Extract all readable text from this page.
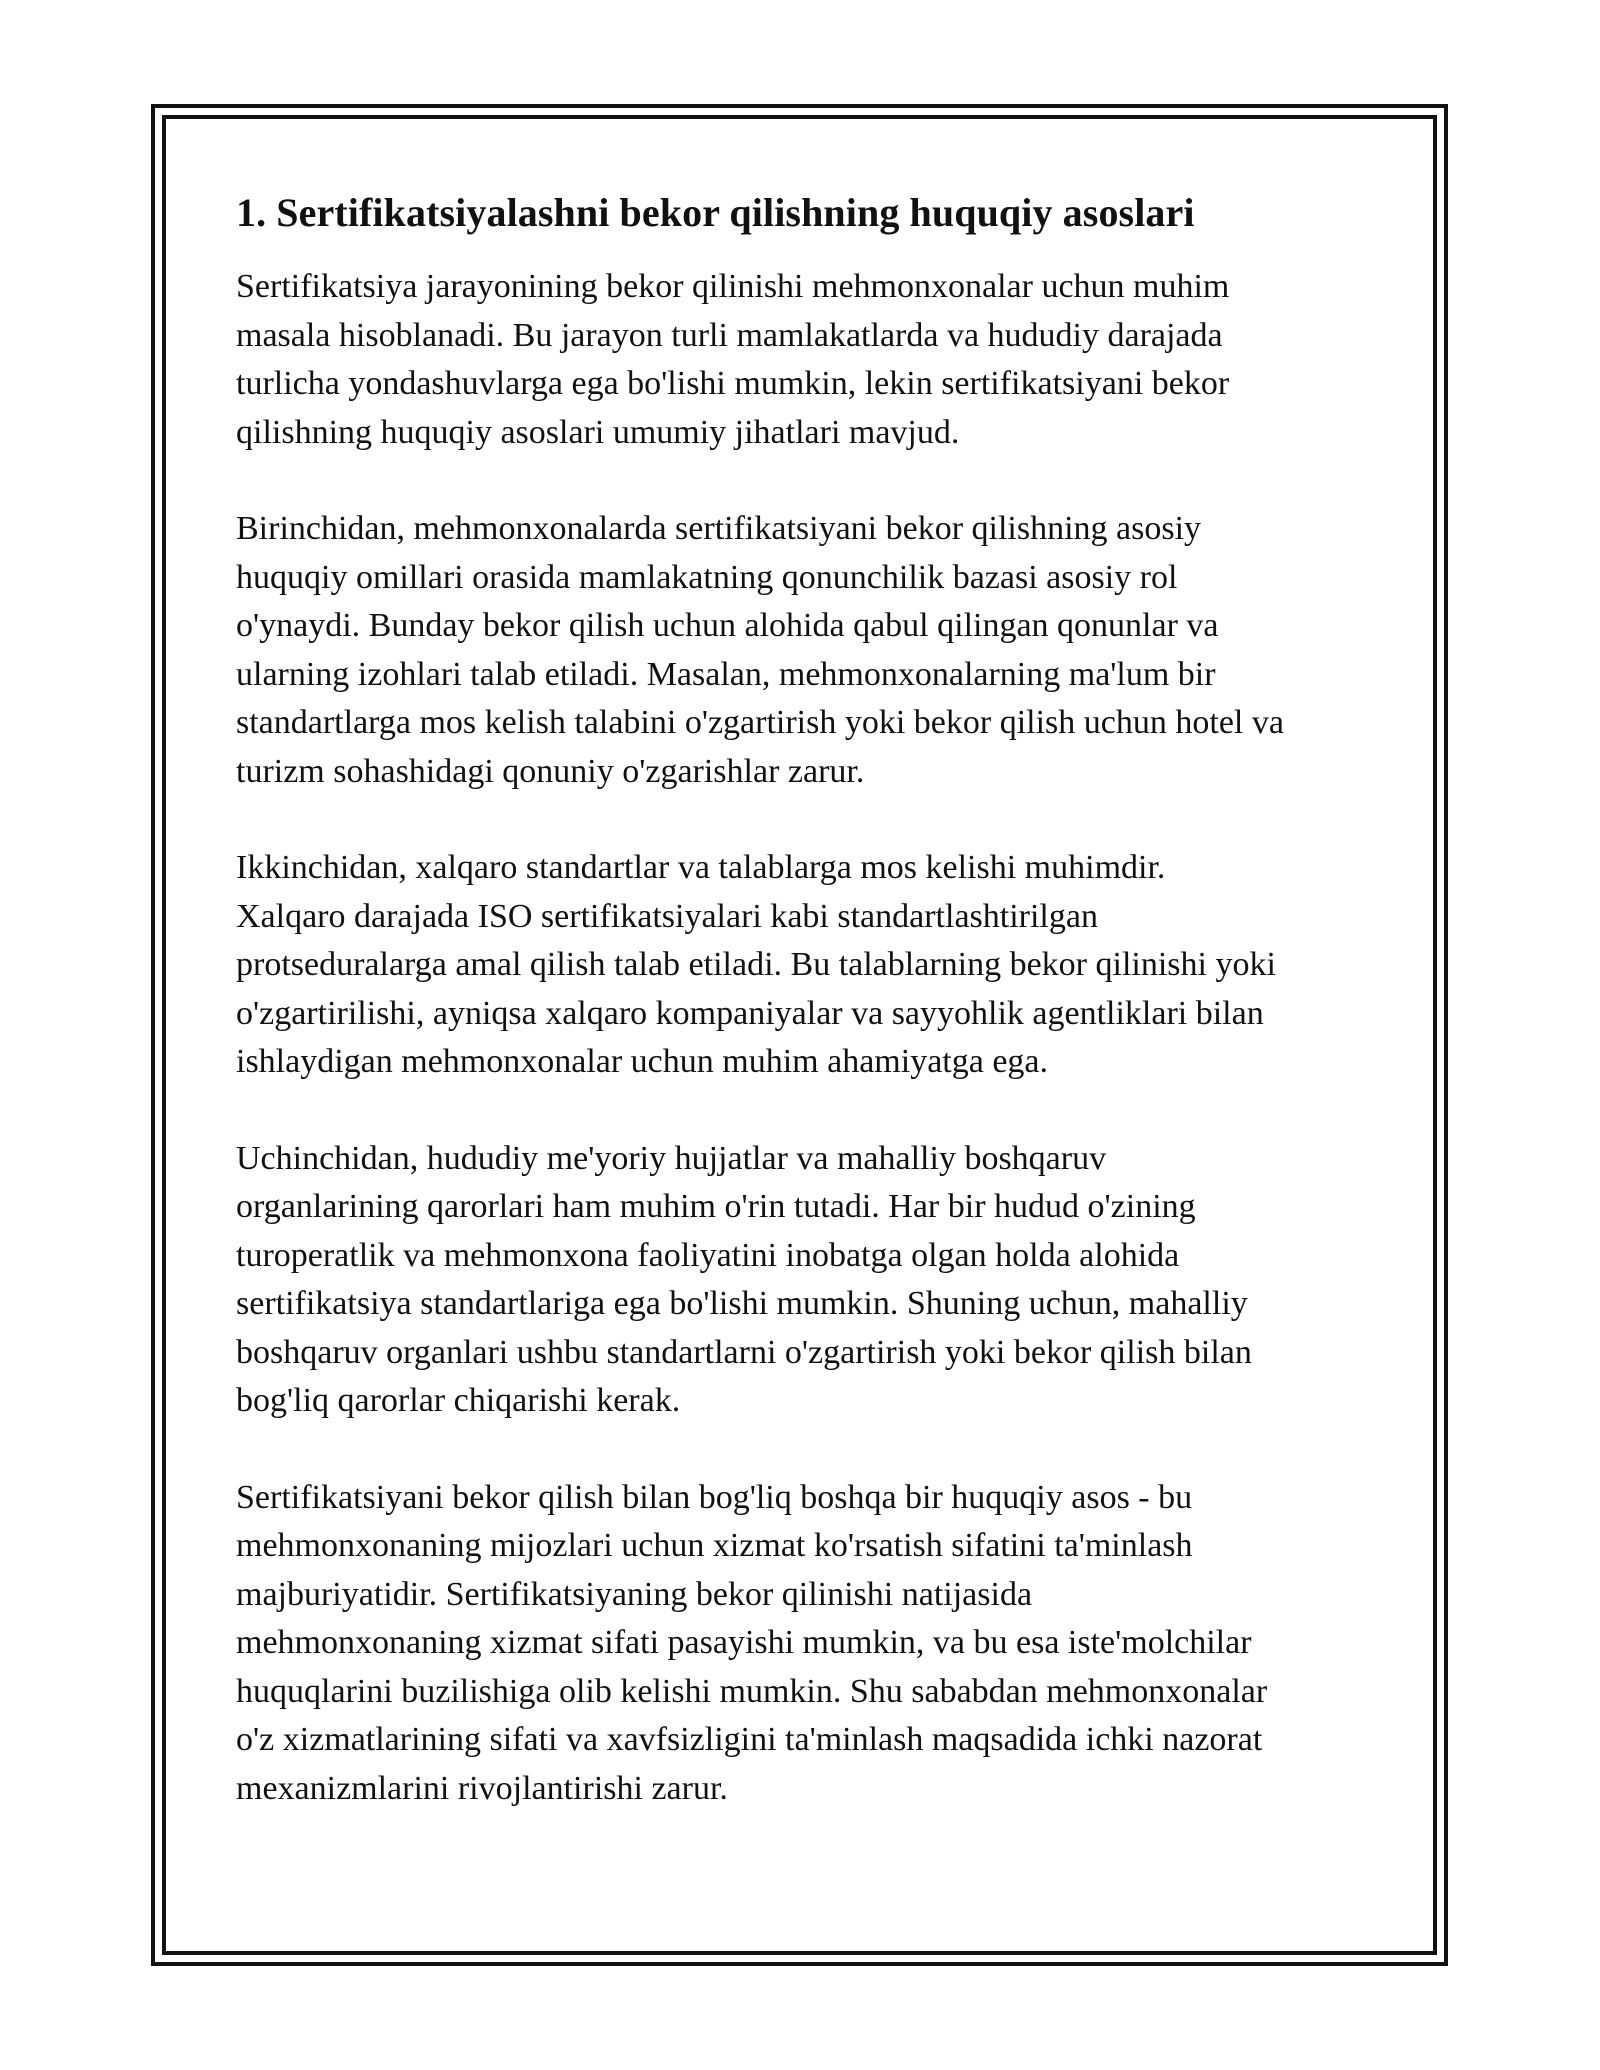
1. Sertifikatsiyalashni bekor qilishning huquqiy asoslari

Sertifikatsiya jarayonining bekor qilinishi mehmonxonalar uchun muhim
masala hisoblanadi. Bu jarayon turli mamlakatlarda va hududiy darajada
turlicha yondashuvlarga ega bo'lishi mumkin, lekin sertifikatsiyani bekor
qilishning huquqiy asoslari umumiy jihatlari mavjud.

Birinchidan, mehmonxonalarda sertifikatsiyani bekor qilishning asosiy
huquqiy omillari orasida mamlakatning qonunchilik bazasi asosiy rol
o'ynaydi. Bunday bekor qilish uchun alohida qabul qilingan qonunlar va
ularning izohlari talab etiladi. Masalan, mehmonxonalarning ma'lum bir
standartlarga mos kelish talabini o'zgartirish yoki bekor qilish uchun hotel va
turizm sohashidagi qonuniy o'zgarishlar zarur.

Ikkinchidan, xalqaro standartlar va talablarga mos kelishi muhimdir.
Xalqaro darajada ISO sertifikatsiyalari kabi standartlashtirilgan
protseduralarga amal qilish talab etiladi. Bu talablarning bekor qilinishi yoki
o'zgartirilishi, ayniqsa xalqaro kompaniyalar va sayyohlik agentliklari bilan
ishlaydigan mehmonxonalar uchun muhim ahamiyatga ega.

Uchinchidan, hududiy me'yoriy hujjatlar va mahalliy boshqaruv
organlarining qarorlari ham muhim o'rin tutadi. Har bir hudud o'zining
turoperatlik va mehmonxona faoliyatini inobatga olgan holda alohida
sertifikatsiya standartlariga ega bo'lishi mumkin. Shuning uchun, mahalliy
boshqaruv organlari ushbu standartlarni o'zgartirish yoki bekor qilish bilan
bog'liq qarorlar chiqarishi kerak.

Sertifikatsiyani bekor qilish bilan bog'liq boshqa bir huquqiy asos - bu
mehmonxonaning mijozlari uchun xizmat ko'rsatish sifatini ta'minlash
majburiyatidir. Sertifikatsiyaning bekor qilinishi natijasida
mehmonxonaning xizmat sifati pasayishi mumkin, va bu esa iste'molchilar
huquqlarini buzilishiga olib kelishi mumkin. Shu sababdan mehmonxonalar
o'z xizmatlarining sifati va xavfsizligini ta'minlash maqsadida ichki nazorat
mexanizmlarini rivojlantirishi zarur.
